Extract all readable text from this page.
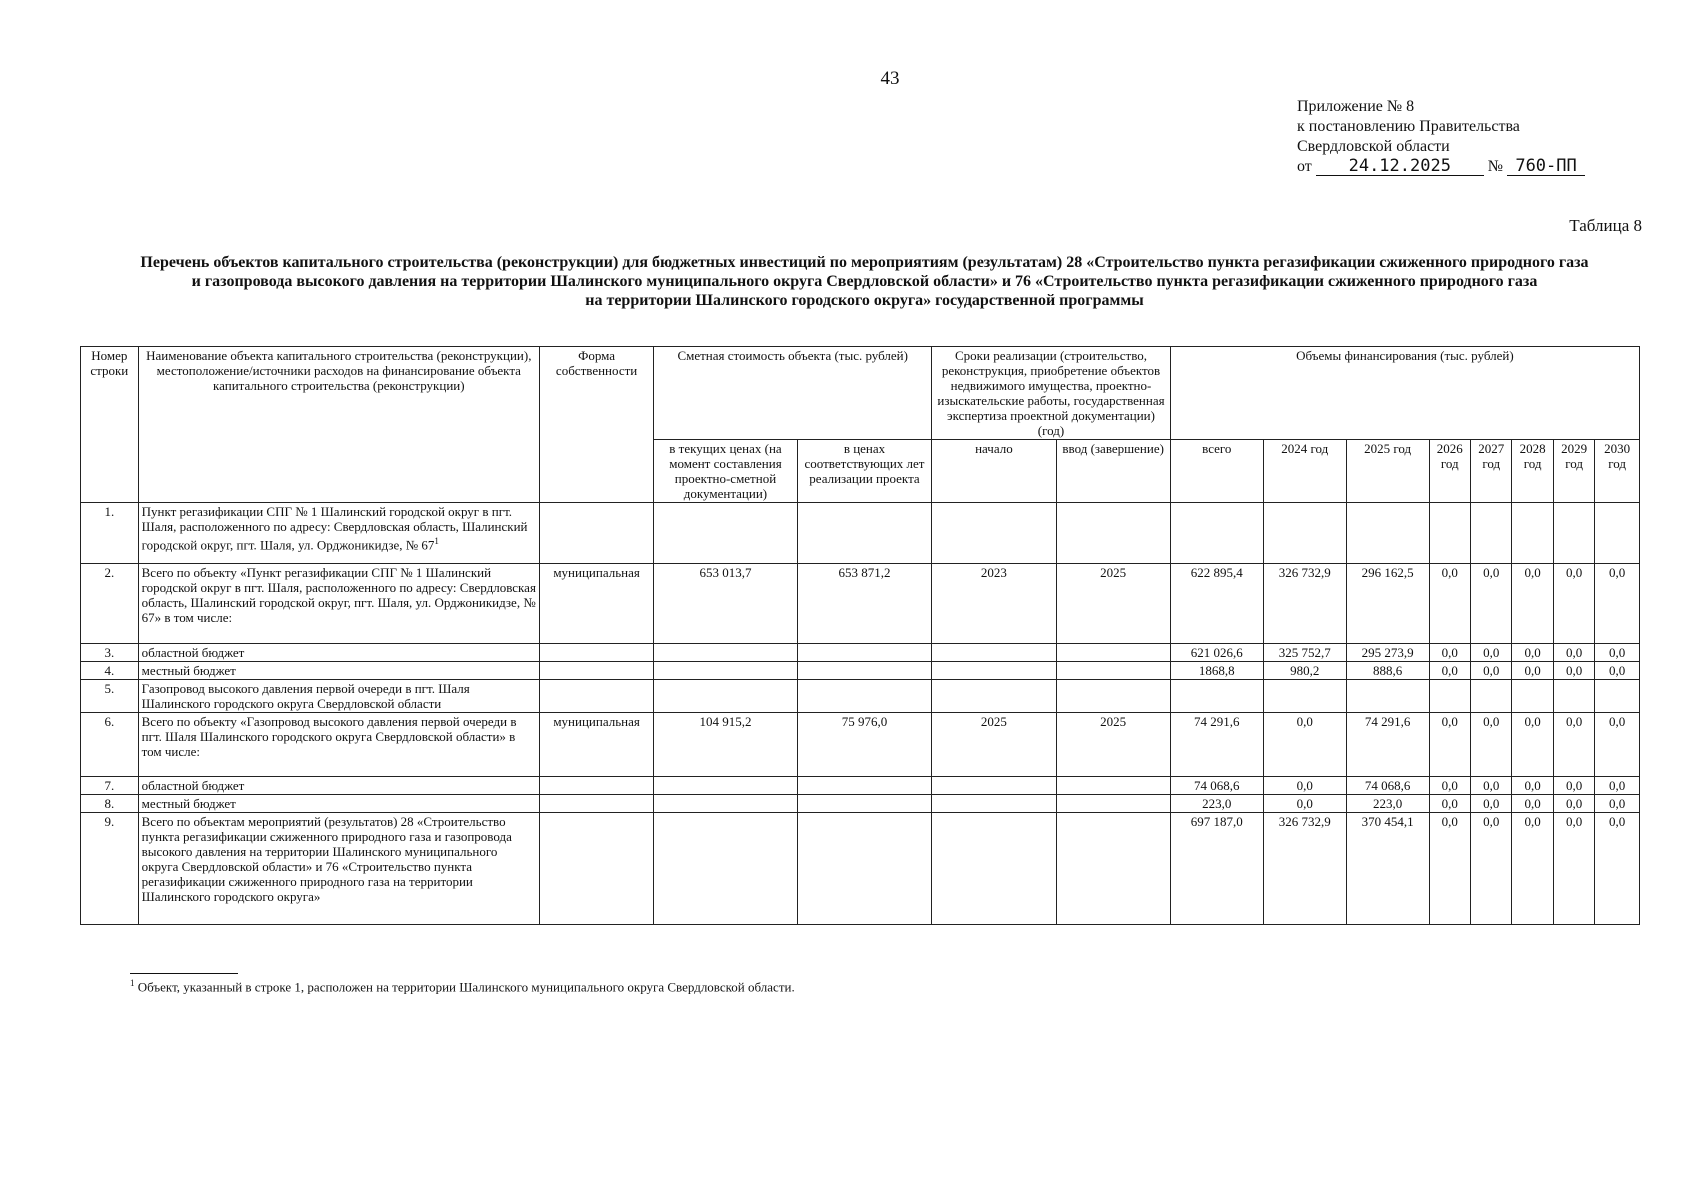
43
Приложение № 8
к постановлению Правительства
Свердловской области
от 24.12.2025 № 760-ПП
Таблица 8
Перечень объектов капитального строительства (реконструкции) для бюджетных инвестиций по мероприятиям (результатам) 28 «Строительство пункта регазификации сжиженного природного газа
и газопровода высокого давления на территории Шалинского муниципального округа Свердловской области» и 76 «Строительство пункта регазификации сжиженного природного газа
на территории Шалинского городского округа» государственной программы
Номер строки	Наименование объекта капитального строительства (реконструкции), местоположение/источники расходов на финансирование объекта капитального строительства (реконструкции)	Форма собственности	Сметная стоимость объекта (тыс. рублей)		Сроки реализации (строительство, реконструкция, приобретение объектов недвижимого имущества, проектно-изыскательские работы, государственная экспертиза проектной документации) (год)		Объемы финансирования (тыс. рублей)							
			в текущих ценах (на момент составления проектно-сметной документации)	в ценах соответствующих лет реализации проекта	начало	ввод (завершение)	всего	2024 год	2025 год	2026 год	2027 год	2028 год	2029 год	2030 год
1.	Пункт регазификации СПГ № 1 Шалинский городской округ в пгт. Шаля, расположенного по адресу: Свердловская область, Шалинский городской округ, пгт. Шаля, ул. Орджоникидзе, № $67^1$													
2.	Всего по объекту «Пункт регазификации СПГ № 1 Шалинский городской округ в пгт. Шаля, расположенного по адресу: Свердловская область, Шалинский городской округ, пгт. Шаля, ул. Орджоникидзе, № 67» в том числе:	муниципальная	653 013,7	653 871,2	2023	2025	622 895,4	326 732,9	296 162,5	0,0	0,0	0,0	0,0	0,0
3.	областной бюджет						621 026,6	325 752,7	295 273,9	0,0	0,0	0,0	0,0	0,0
4.	местный бюджет						1868,8	980,2	888,6	0,0	0,0	0,0	0,0	0,0
5.	Газопровод высокого давления первой очереди в пгт. Шаля Шалинского городского округа Свердловской области													
6.	Всего по объекту «Газопровод высокого давления первой очереди в пгт. Шаля Шалинского городского округа Свердловской области» в том числе:	муниципальная	104 915,2	75 976,0	2025	2025	74 291,6	0,0	74 291,6	0,0	0,0	0,0	0,0	0,0
7.	областной бюджет						74 068,6	0,0	74 068,6	0,0	0,0	0,0	0,0	0,0
8.	местный бюджет						223,0	0,0	223,0	0,0	0,0	0,0	0,0	0,0
9.	Всего по объектам мероприятий (результатов) 28 «Строительство пункта регазификации сжиженного природного газа и газопровода высокого давления на территории Шалинского муниципального округа Свердловской области» и 76 «Строительство пункта регазификации сжиженного природного газа на территории Шалинского городского округа»						697 187,0	326 732,9	370 454,1	0,0	0,0	0,0	0,0	0,0
$^1$ Объект, указанный в строке 1, расположен на территории Шалинского муниципального округа Свердловской области.
